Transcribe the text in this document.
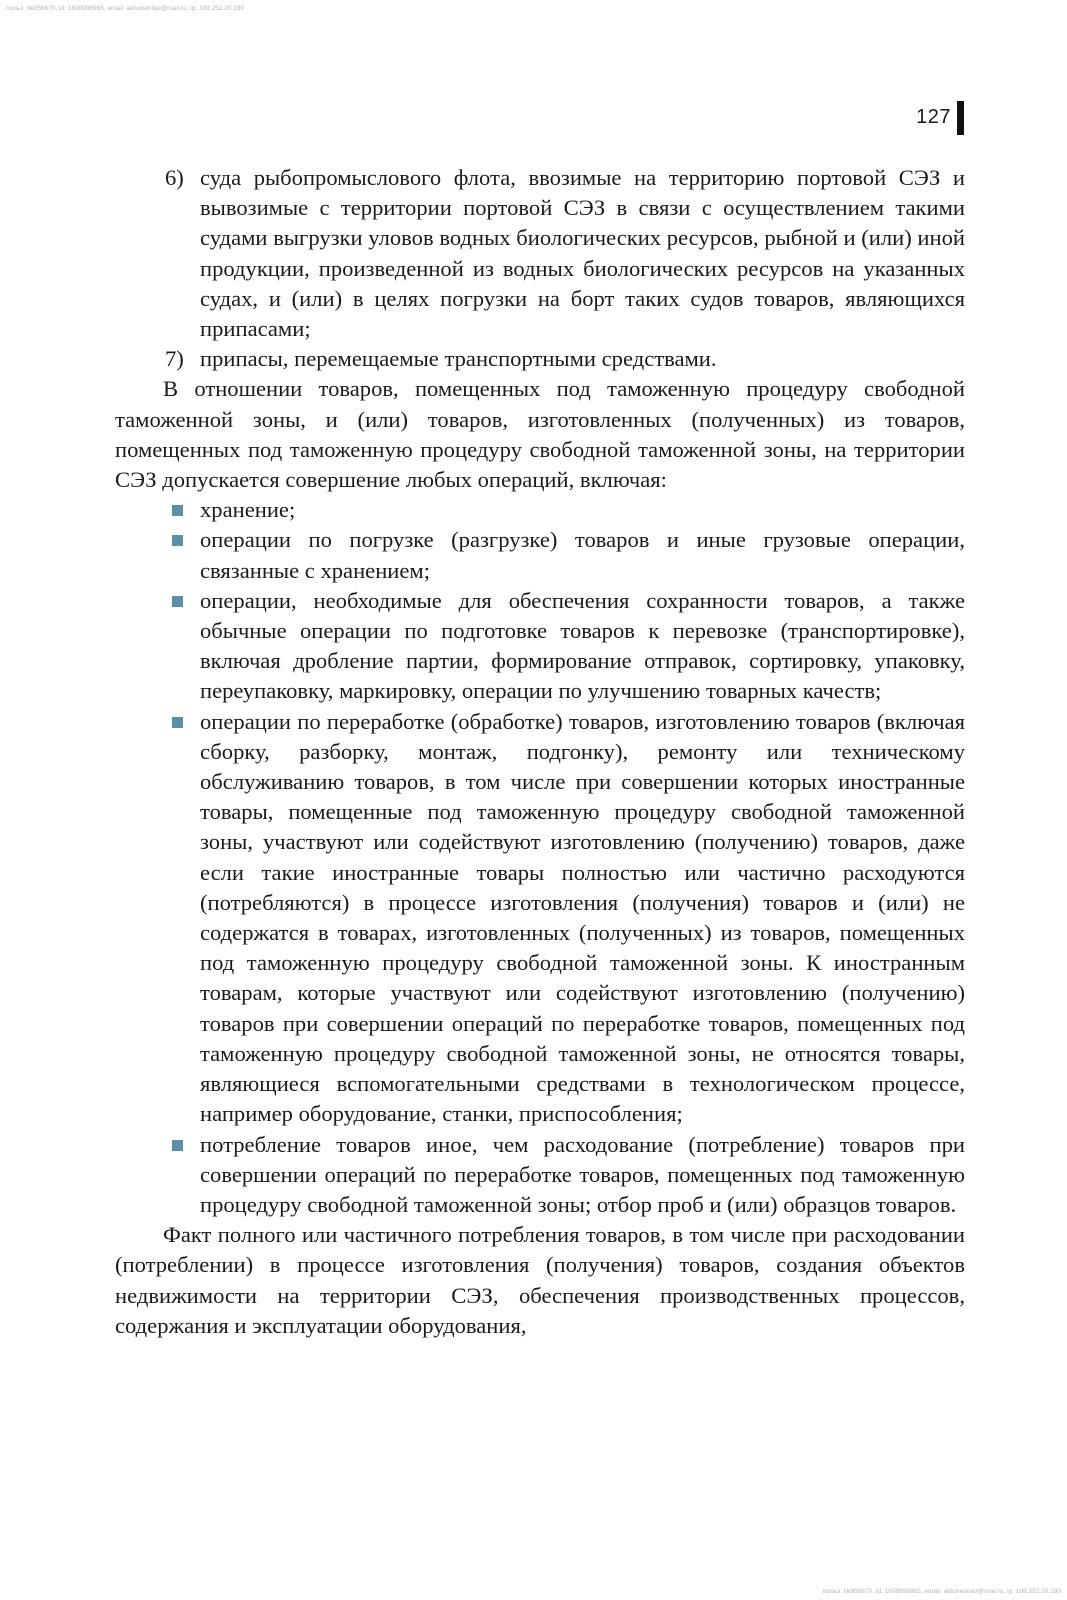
польз. №956670, id: 1608998965, email: aktumentau@mail.ru, ip: 109.252.20.190
127
6) суда рыбопромыслового флота, ввозимые на территорию портовой СЭЗ и вывозимые с территории портовой СЭЗ в связи с осуществлением такими судами выгрузки уловов водных биологических ресурсов, рыбной и (или) иной продукции, произведенной из водных биологических ресурсов на указанных судах, и (или) в целях погрузки на борт таких судов товаров, являющихся припасами;
7) припасы, перемещаемые транспортными средствами.
В отношении товаров, помещенных под таможенную процедуру свободной таможенной зоны, и (или) товаров, изготовленных (полученных) из товаров, помещенных под таможенную процедуру свободной таможенной зоны, на территории СЭЗ допускается совершение любых операций, включая:
хранение;
операции по погрузке (разгрузке) товаров и иные грузовые операции, связанные с хранением;
операции, необходимые для обеспечения сохранности товаров, а также обычные операции по подготовке товаров к перевозке (транспортировке), включая дробление партии, формирование отправок, сортировку, упаковку, переупаковку, маркировку, операции по улучшению товарных качеств;
операции по переработке (обработке) товаров, изготовлению товаров (включая сборку, разборку, монтаж, подгонку), ремонту или техническому обслуживанию товаров, в том числе при совершении которых иностранные товары, помещенные под таможенную процедуру свободной таможенной зоны, участвуют или содействуют изготовлению (получению) товаров, даже если такие иностранные товары полностью или частично расходуются (потребляются) в процессе изготовления (получения) товаров и (или) не содержатся в товарах, изготовленных (полученных) из товаров, помещенных под таможенную процедуру свободной таможенной зоны. К иностранным товарам, которые участвуют или содействуют изготовлению (получению) товаров при совершении операций по переработке товаров, помещенных под таможенную процедуру свободной таможенной зоны, не относятся товары, являющиеся вспомогательными средствами в технологическом процессе, например оборудование, станки, приспособления;
потребление товаров иное, чем расходование (потребление) товаров при совершении операций по переработке товаров, помещенных под таможенную процедуру свободной таможенной зоны; отбор проб и (или) образцов товаров.
Факт полного или частичного потребления товаров, в том числе при расходовании (потреблении) в процессе изготовления (получения) товаров, создания объектов недвижимости на территории СЭЗ, обеспечения производственных процессов, содержания и эксплуатации оборудования,
польз. №956670, id: 1608998965, email: aktumentau@mail.ru, ip: 109.252.20.190
